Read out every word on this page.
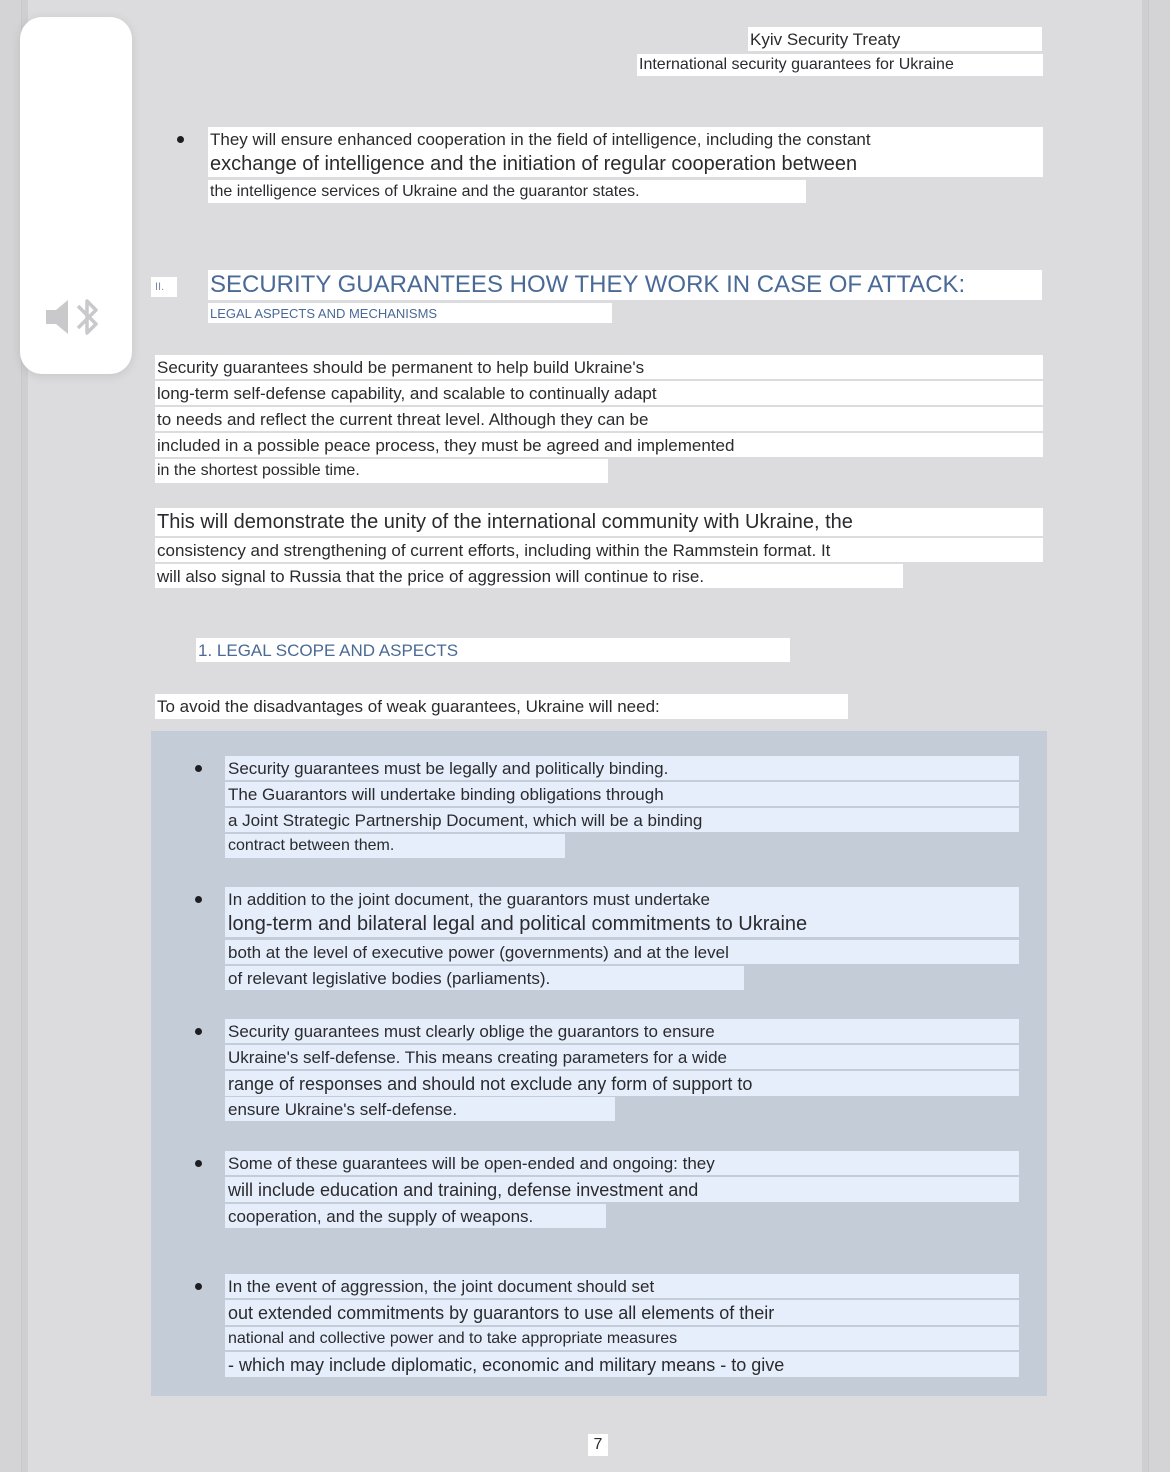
Kyiv Security Treaty
International security guarantees for Ukraine
They will ensure enhanced cooperation in the field of intelligence, including the constant
exchange of intelligence and the initiation of regular cooperation between
the intelligence services of Ukraine and the guarantor states.
II.	SECURITY GUARANTEES HOW THEY WORK IN CASE OF ATTACK:
LEGAL ASPECTS AND MECHANISMS
Security guarantees should be permanent to help build Ukraine's
long-term self-defense capability, and scalable to continually adapt
to needs and reflect the current threat level. Although they can be
included in a possible peace process, they must be agreed and implemented
in the shortest possible time.
This will demonstrate the unity of the international community with Ukraine, the
consistency and strengthening of current efforts, including within the Rammstein format. It
will also signal to Russia that the price of aggression will continue to rise.
1. LEGAL SCOPE AND ASPECTS
To avoid the disadvantages of weak guarantees, Ukraine will need:
Security guarantees must be legally and politically binding.
The Guarantors will undertake binding obligations through
a Joint Strategic Partnership Document, which will be a binding
contract between them.
In addition to the joint document, the guarantors must undertake
long-term and bilateral legal and political commitments to Ukraine
both at the level of executive power (governments) and at the level
of relevant legislative bodies (parliaments).
Security guarantees must clearly oblige the guarantors to ensure
Ukraine's self-defense. This means creating parameters for a wide
range of responses and should not exclude any form of support to
ensure Ukraine's self-defense.
Some of these guarantees will be open-ended and ongoing: they
will include education and training, defense investment and
cooperation, and the supply of weapons.
In the event of aggression, the joint document should set
out extended commitments by guarantors to use all elements of their
national and collective power and to take appropriate measures
- which may include diplomatic, economic and military means - to give
7
